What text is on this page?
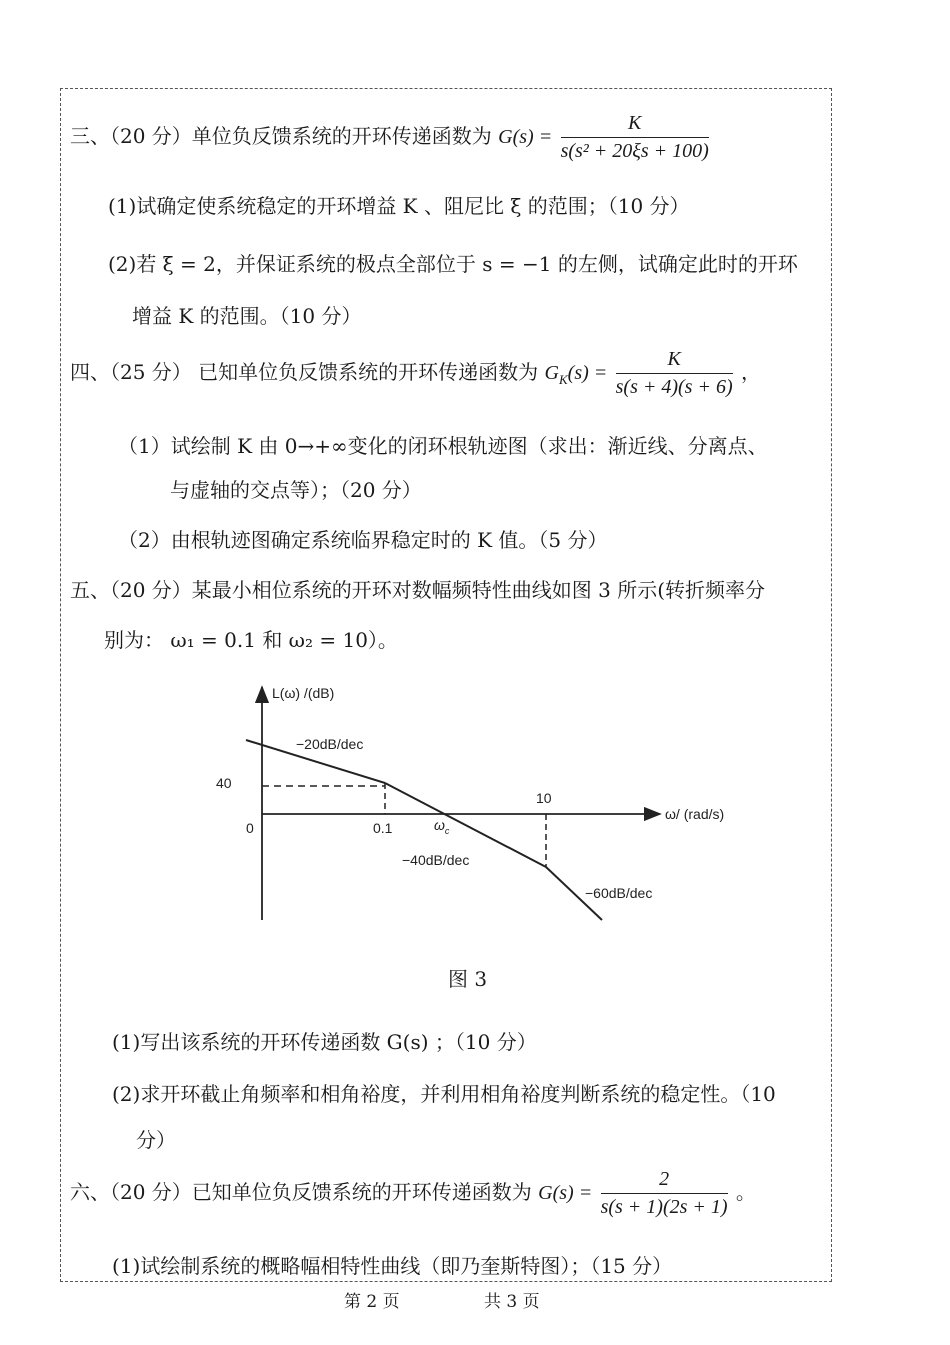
三、（20 分）单位负反馈系统的开环传递函数为 $G(s) = \frac{K}{\text{s(s² + 20ξs + 100)}}$
(1)试确定使系统稳定的开环增益 K 、阻尼比 ξ 的范围；（10 分）
(2)若 ξ = 2，并保证系统的极点全部位于 s = −1 的左侧，试确定此时的开环
增益 K 的范围。（10 分）
四、（25 分） 已知单位负反馈系统的开环传递函数为 $G_K(s) = \frac{K}{s(s + 4)(s + 6)}$ ，
（1）试绘制 K 由 0→+∞变化的闭环根轨迹图（求出：渐近线、分离点、
与虚轴的交点等）；（20 分）
（2）由根轨迹图确定系统临界稳定时的 K 值。（5 分）
五、（20 分）某最小相位系统的开环对数幅频特性曲线如图 3 所示(转折频率分
别为： ω₁ = 0.1 和 ω₂ = 10）。
L(ω) /(dB)
ω/ (rad/s)
−20dB/dec
−40dB/dec
−60dB/dec
40
0	0.1
10
$\omega_c$
图 3
(1)写出该系统的开环传递函数 G(s) ；（10 分）
(2)求开环截止角频率和相角裕度，并利用相角裕度判断系统的稳定性。（10
分）
六、（20 分）已知单位负反馈系统的开环传递函数为 $G(s) = \frac{2}{s(s + 1)(2s + 1)}$ 。
(1)试绘制系统的概略幅相特性曲线（即乃奎斯特图）；（15 分）
第 2 页	共 3 页
